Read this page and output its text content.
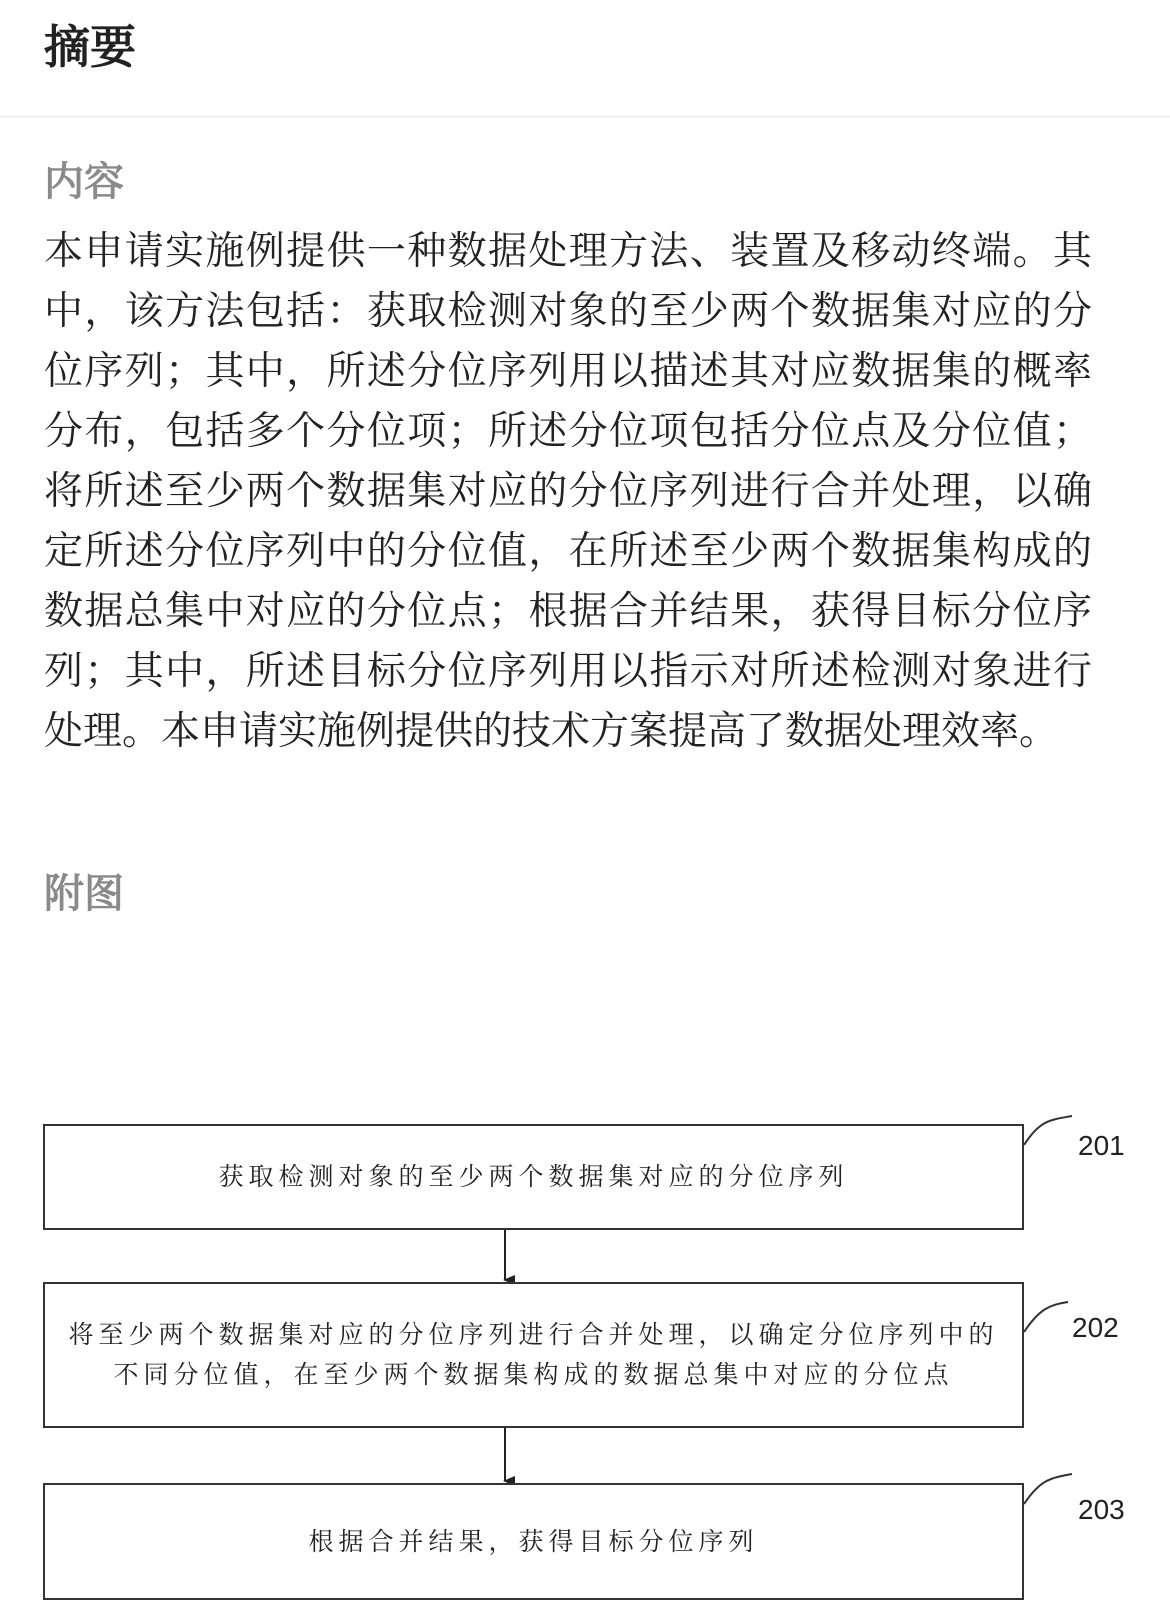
摘要
内容

本申请实施例提供一种数据处理方法、装置及移动终端。其中，该方法包括：获取检测对象的至少两个数据集对应的分位序列；其中，所述分位序列用以描述其对应数据集的概率分布，包括多个分位项；所述分位项包括分位点及分位值；将所述至少两个数据集对应的分位序列进行合并处理，以确定所述分位序列中的分位值，在所述至少两个数据集构成的数据总集中对应的分位点；根据合并结果，获得目标分位序列；其中，所述目标分位序列用以指示对所述检测对象进行处理。本申请实施例提供的技术方案提高了数据处理效率。

附图
获取检测对象的至少两个数据集对应的分位序列
将至少两个数据集对应的分位序列进行合并处理，以确定分位序列中的不同分位值，在至少两个数据集构成的数据总集中对应的分位点
根据合并结果，获得目标分位序列
201
202
203
